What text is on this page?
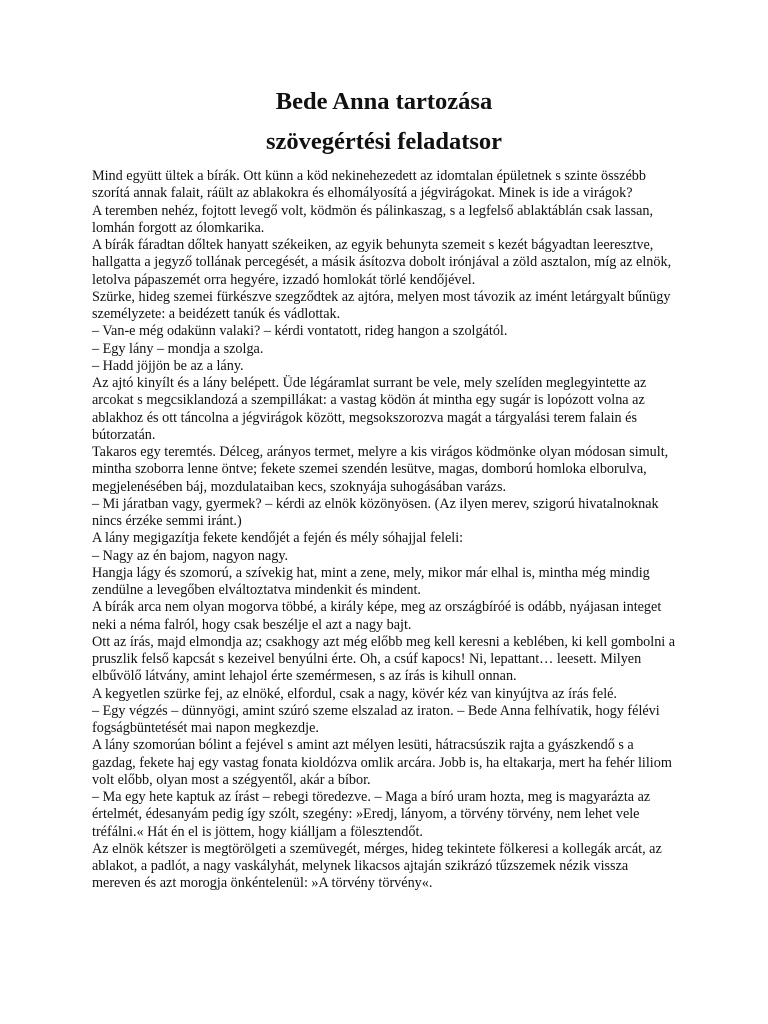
Bede Anna tartozása
szövegértési feladatsor

Mind együtt ültek a bírák. Ott künn a köd nekinehezedett az idomtalan épületnek s szinte összébb szorítá annak falait, ráült az ablakokra és elhomályosítá a jégvirágokat. Minek is ide a virágok?

A teremben nehéz, fojtott levegő volt, ködmön és pálinkaszag, s a legfelső ablaktáblán csak lassan, lomhán forgott az ólomkarika.

A bírák fáradtan dőltek hanyatt székeiken, az egyik behunyta szemeit s kezét bágyadtan leeresztve, hallgatta a jegyző tollának percegését, a másik ásítozva dobolt irónjával a zöld asztalon, míg az elnök, letolva pápaszemét orra hegyére, izzadó homlokát törlé kendőjével.

Szürke, hideg szemei fürkészve szegződtek az ajtóra, melyen most távozik az imént letárgyalt bűnügy személyzete: a beidézett tanúk és vádlottak.

– Van-e még odakünn valaki? – kérdi vontatott, rideg hangon a szolgától.

– Egy lány – mondja a szolga.

– Hadd jöjjön be az a lány.

Az ajtó kinyílt és a lány belépett. Üde légáramlat surrant be vele, mely szelíden meglegyintette az arcokat s megcsiklandozá a szempillákat: a vastag ködön át mintha egy sugár is lopózott volna az ablakhoz és ott táncolna a jégvirágok között, megsokszorozva magát a tárgyalási terem falain és bútorzatán.

Takaros egy teremtés. Délceg, arányos termet, melyre a kis virágos ködmönke olyan módosan simult, mintha szoborra lenne öntve; fekete szemei szendén lesütve, magas, domború homloka elborulva, megjelenésében báj, mozdulataiban kecs, szoknyája suhogásában varázs.

– Mi járatban vagy, gyermek? – kérdi az elnök közönyösen. (Az ilyen merev, szigorú hivatalnoknak nincs érzéke semmi iránt.)

A lány megigazítja fekete kendőjét a fején és mély sóhajjal feleli:

– Nagy az én bajom, nagyon nagy.

Hangja lágy és szomorú, a szívekig hat, mint a zene, mely, mikor már elhal is, mintha még mindig zendülne a levegőben elváltoztatva mindenkit és mindent.

A bírák arca nem olyan mogorva többé, a király képe, meg az országbíróé is odább, nyájasan integet neki a néma falról, hogy csak beszélje el azt a nagy bajt.

Ott az írás, majd elmondja az; csakhogy azt még előbb meg kell keresni a keblében, ki kell gombolni a pruszlik felső kapcsát s kezeivel benyúlni érte. Oh, a csúf kapocs! Ni, lepattant… leesett. Milyen elbűvölő látvány, amint lehajol érte szemérmesen, s az írás is kihull onnan.

A kegyetlen szürke fej, az elnöké, elfordul, csak a nagy, kövér kéz van kinyújtva az írás felé.

– Egy végzés – dünnyögi, amint szúró szeme elszalad az iraton. – Bede Anna felhívatik, hogy félévi fogságbüntetését mai napon megkezdje.

A lány szomorúan bólint a fejével s amint azt mélyen lesüti, hátracsúszik rajta a gyászkendő s a gazdag, fekete haj egy vastag fonata kioldózva omlik arcára. Jobb is, ha eltakarja, mert ha fehér liliom volt előbb, olyan most a szégyentől, akár a bíbor.

– Ma egy hete kaptuk az írást – rebegi töredezve. – Maga a bíró uram hozta, meg is magyarázta az értelmét, édesanyám pedig így szólt, szegény: »Eredj, lányom, a törvény törvény, nem lehet vele tréfálni.« Hát én el is jöttem, hogy kiálljam a fölesztendőt.

Az elnök kétszer is megtörölgeti a szemüvegét, mérges, hideg tekintete fölkeresi a kollegák arcát, az ablakot, a padlót, a nagy vaskályhát, melynek likacsos ajtaján szikrázó tűzszemek nézik vissza mereven és azt morogja önkéntelenül: »A törvény törvény«.
